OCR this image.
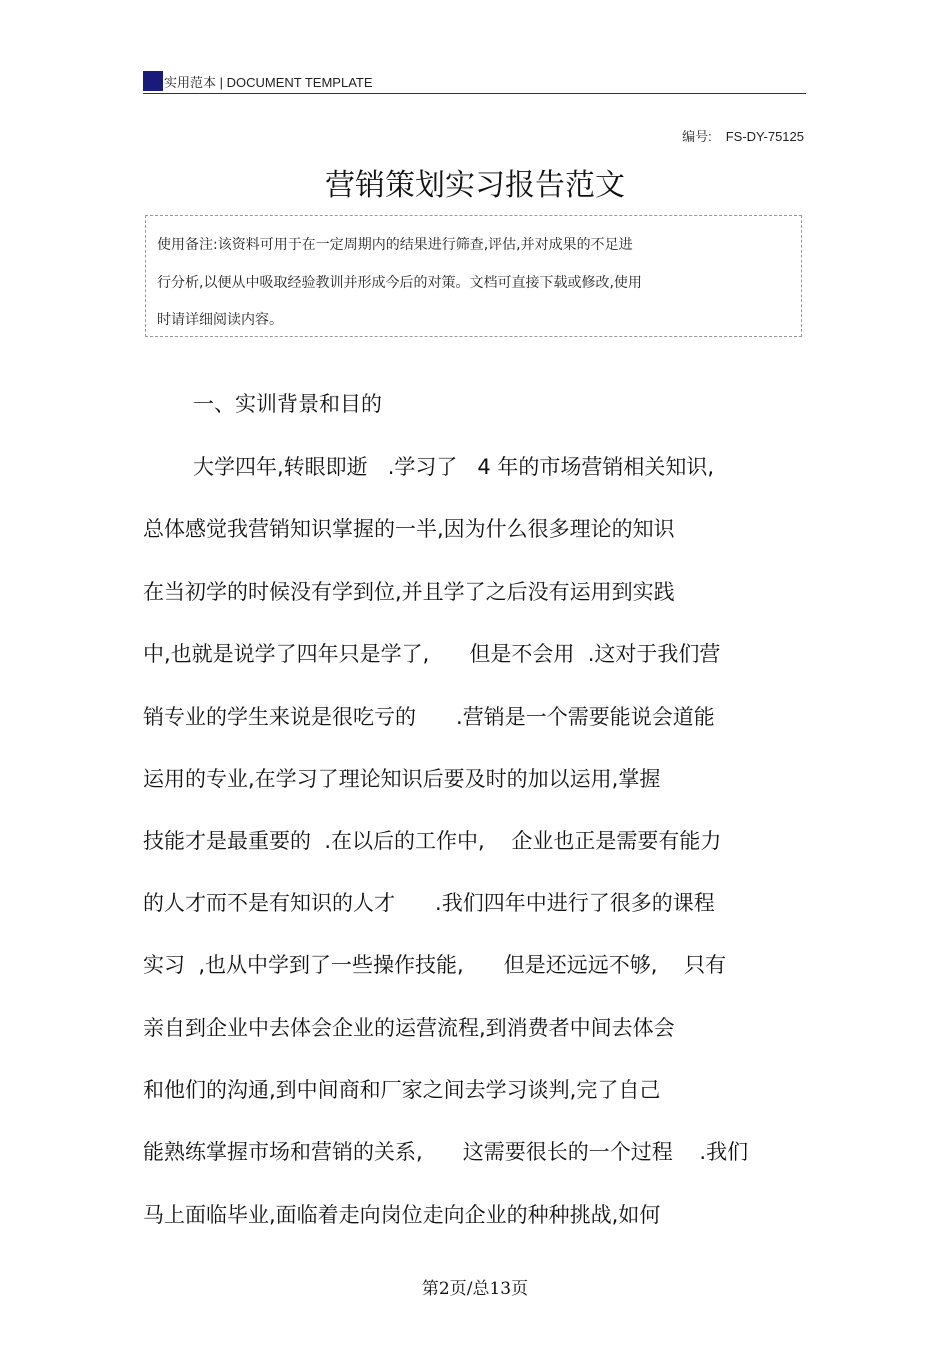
实用范本 | DOCUMENT TEMPLATE
编号: FS-DY-75125
营销策划实习报告范文
使用备注:该资料可用于在一定周期内的结果进行筛查,评估,并对成果的不足进
行分析,以便从中吸取经验教训并形成今后的对策。文档可直接下载或修改,使用
时请详细阅读内容。
一、实训背景和目的
大学四年,转眼即逝   .学习了   4 年的市场营销相关知识,
总体感觉我营销知识掌握的一半,因为什么很多理论的知识
在当初学的时候没有学到位,并且学了之后没有运用到实践
中,也就是说学了四年只是学了,      但是不会用  .这对于我们营
销专业的学生来说是很吃亏的      .营销是一个需要能说会道能
运用的专业,在学习了理论知识后要及时的加以运用,掌握
技能才是最重要的  .在以后的工作中,    企业也正是需要有能力
的人才而不是有知识的人才      .我们四年中进行了很多的课程
实习  ,也从中学到了一些操作技能,      但是还远远不够,    只有
亲自到企业中去体会企业的运营流程,到消费者中间去体会
和他们的沟通,到中间商和厂家之间去学习谈判,完了自己
能熟练掌握市场和营销的关系,      这需要很长的一个过程    .我们
马上面临毕业,面临着走向岗位走向企业的种种挑战,如何
第2页/总13页
